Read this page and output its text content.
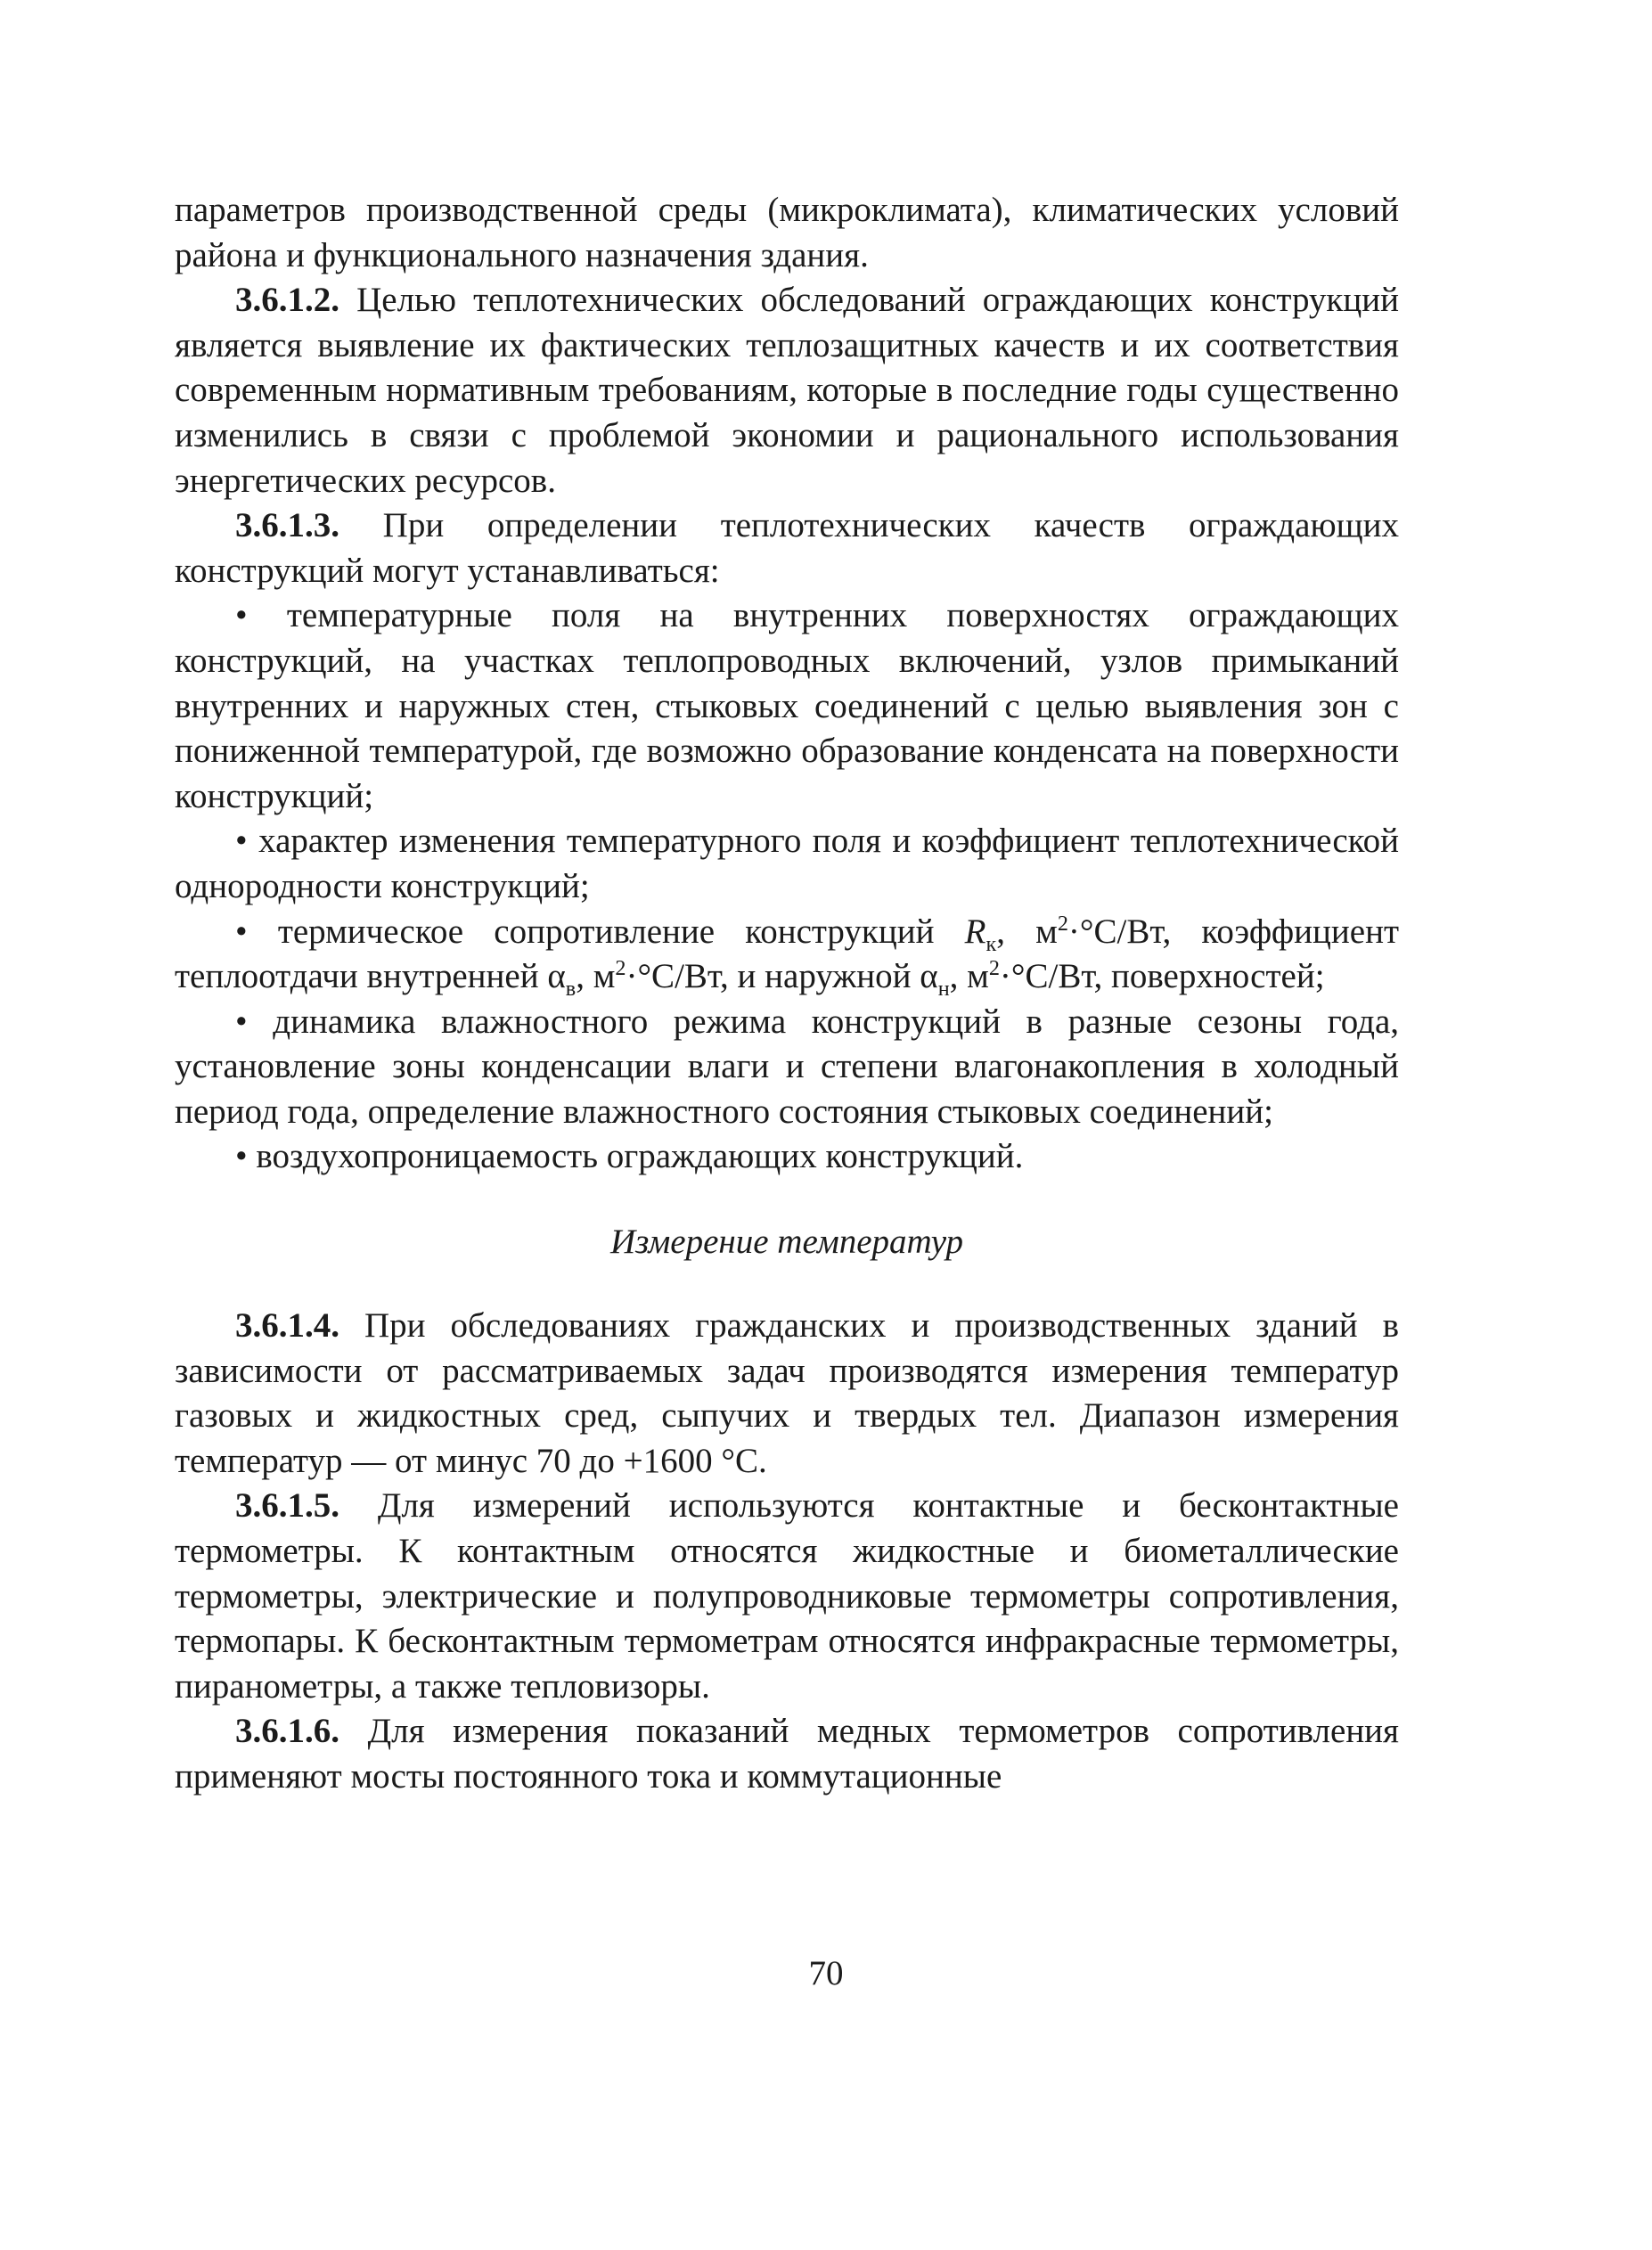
параметров производственной среды (микроклимата), климатических условий района и функционального назначения здания.

3.6.1.2. Целью теплотехнических обследований ограждающих конструкций является выявление их фактических теплозащитных качеств и их соответствия современным нормативным требованиям, которые в последние годы существенно изменились в связи с проблемой экономии и рационального использования энергетических ресурсов.

3.6.1.3. При определении теплотехнических качеств ограждающих конструкций могут устанавливаться:

• температурные поля на внутренних поверхностях ограждающих конструкций, на участках теплопроводных включений, узлов примыканий внутренних и наружных стен, стыковых соединений с целью выявления зон с пониженной температурой, где возможно образование конденсата на поверхности конструкций;

• характер изменения температурного поля и коэффициент теплотехнической однородности конструкций;

• термическое сопротивление конструкций $R_к$, $м^2\cdot^\circ С/Вт$, коэффициент теплоотдачи внутренней $\alpha_в$, $м^2\cdot^\circ С/Вт$, и наружной $\alpha_н$, $м^2\cdot^\circ С/Вт$, поверхностей;

• динамика влажностного режима конструкций в разные сезоны года, установление зоны конденсации влаги и степени влагонакопления в холодный период года, определение влажностного состояния стыковых соединений;

• воздухопроницаемость ограждающих конструкций.

Измерение температур

3.6.1.4. При обследованиях гражданских и производственных зданий в зависимости от рассматриваемых задач производятся измерения температур газовых и жидкостных сред, сыпучих и твердых тел. Диапазон измерения температур — от минус 70 до +1600 °С.

3.6.1.5. Для измерений используются контактные и бесконтактные термометры. К контактным относятся жидкостные и биометаллические термометры, электрические и полупроводниковые термометры сопротивления, термопары. К бесконтактным термометрам относятся инфракрасные термометры, пиранометры, а также тепловизоры.

3.6.1.6. Для измерения показаний медных термометров сопротивления применяют мосты постоянного тока и коммутационные

70
